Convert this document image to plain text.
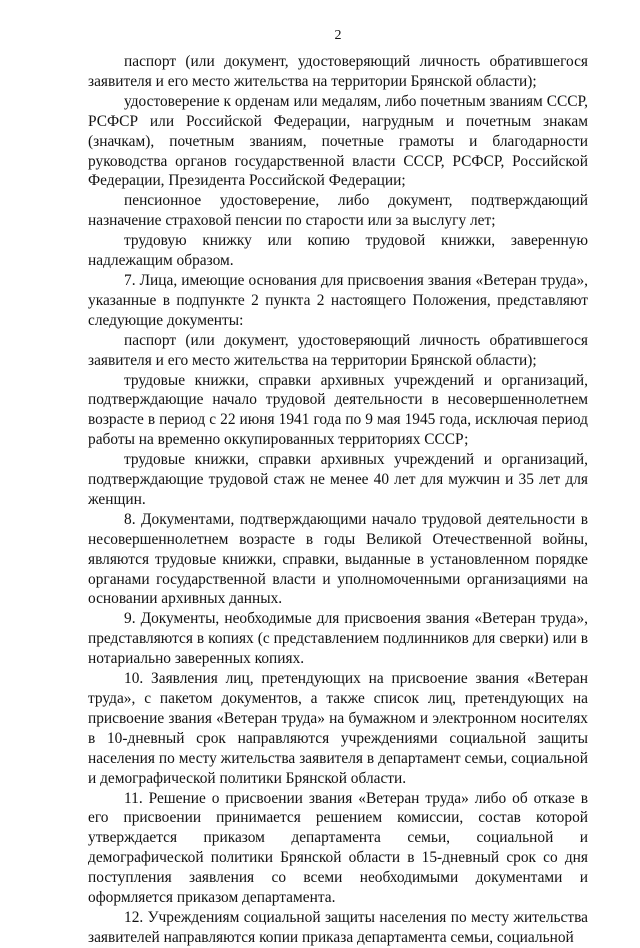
2

паспорт (или документ, удостоверяющий личность обратившегося заявителя и его место жительства на территории Брянской области);

удостоверение к орденам или медалям, либо почетным званиям СССР, РСФСР или Российской Федерации, нагрудным и почетным знакам (значкам), почетным званиям, почетные грамоты и благодарности руководства органов государственной власти СССР, РСФСР, Российской Федерации, Президента Российской Федерации;

пенсионное удостоверение, либо документ, подтверждающий назначение страховой пенсии по старости или за выслугу лет;

трудовую книжку или копию трудовой книжки, заверенную надлежащим образом.

7. Лица, имеющие основания для присвоения звания «Ветеран труда», указанные в подпункте 2 пункта 2 настоящего Положения, представляют следующие документы:

паспорт (или документ, удостоверяющий личность обратившегося заявителя и его место жительства на территории Брянской области);

трудовые книжки, справки архивных учреждений и организаций, подтверждающие начало трудовой деятельности в несовершеннолетнем возрасте в период с 22 июня 1941 года по 9 мая 1945 года, исключая период работы на временно оккупированных территориях СССР;

трудовые книжки, справки архивных учреждений и организаций, подтверждающие трудовой стаж не менее 40 лет для мужчин и 35 лет для женщин.

8. Документами, подтверждающими начало трудовой деятельности в несовершеннолетнем возрасте в годы Великой Отечественной войны, являются трудовые книжки, справки, выданные в установленном порядке органами государственной власти и уполномоченными организациями на основании архивных данных.

9. Документы, необходимые для присвоения звания «Ветеран труда», представляются в копиях (с представлением подлинников для сверки) или в нотариально заверенных копиях.

10. Заявления лиц, претендующих на присвоение звания «Ветеран труда», с пакетом документов, а также список лиц, претендующих на присвоение звания «Ветеран труда» на бумажном и электронном носителях в 10-дневный срок направляются учреждениями социальной защиты населения по месту жительства заявителя в департамент семьи, социальной и демографической политики Брянской области.

11. Решение о присвоении звания «Ветеран труда» либо об отказе в его присвоении принимается решением комиссии, состав которой утверждается приказом департамента семьи, социальной и демографической политики Брянской области в 15-дневный срок со дня поступления заявления со всеми необходимыми документами и оформляется приказом департамента.

12. Учреждениям социальной защиты населения по месту жительства заявителей направляются копии приказа департамента семьи, социальной
